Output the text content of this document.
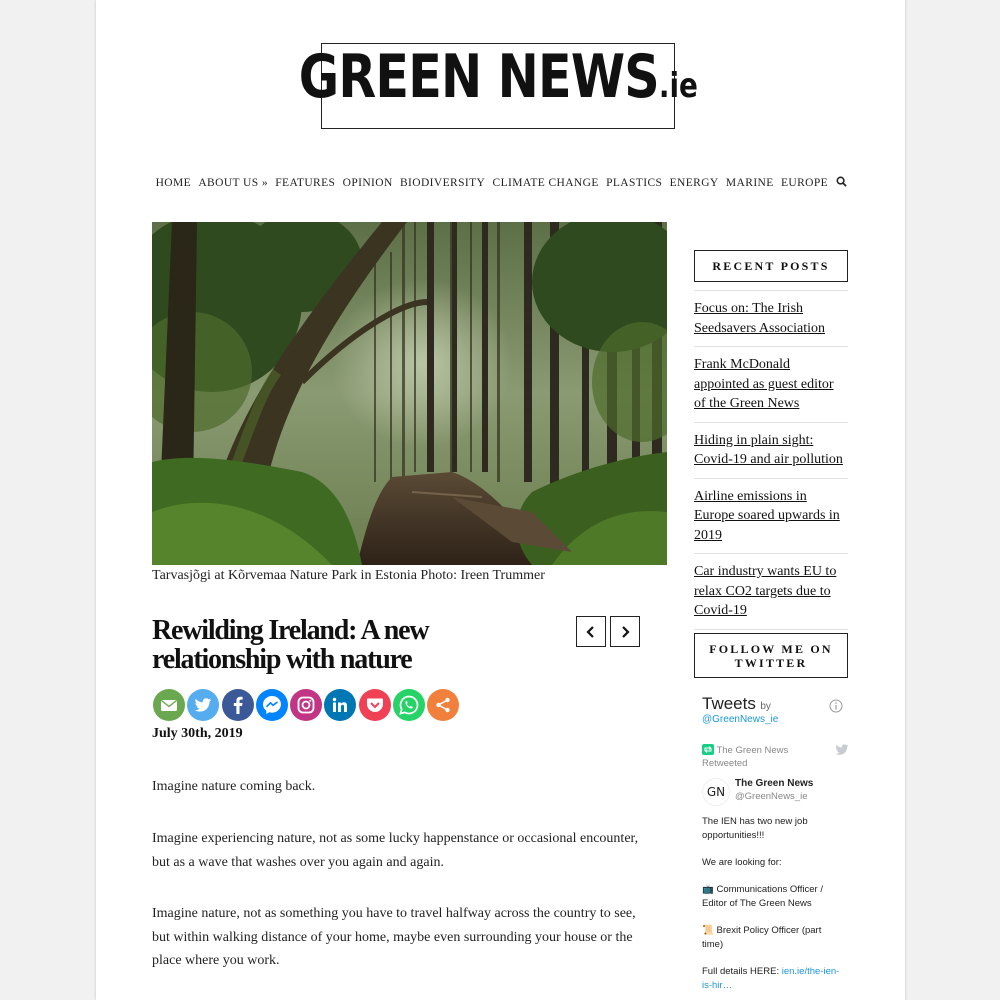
GREEN NEWS.ie
HOME ABOUT US » FEATURES OPINION BIODIVERSITY CLIMATE CHANGE PLASTICS ENERGY MARINE EUROPE
Tarvasjõgi at Kõrvemaa Nature Park in Estonia Photo: Ireen Trummer
Rewilding Ireland: A new relationship with nature
July 30th, 2019
Imagine nature coming back.
Imagine experiencing nature, not as some lucky happenstance or occasional encounter, but as a wave that washes over you again and again.
Imagine nature, not as something you have to travel halfway across the country to see, but within walking distance of your home, maybe even surrounding your house or the place where you work.
RECENT POSTS
Focus on: The Irish Seedsavers Association
Frank McDonald appointed as guest editor of the Green News
Hiding in plain sight: Covid-19 and air pollution
Airline emissions in Europe soared upwards in 2019
Car industry wants EU to relax CO2 targets due to Covid-19
FOLLOW ME ON TWITTER
Tweets by
@GreenNews_ie
The Green News Retweeted
GN
The Green News
@GreenNews_ie
The IEN has two new job opportunities!!!
We are looking for:
📺 Communications Officer / Editor of The Green News
📜 Brexit Policy Officer (part time)
Full details HERE: ien.ie/the-ien-is-hir…
